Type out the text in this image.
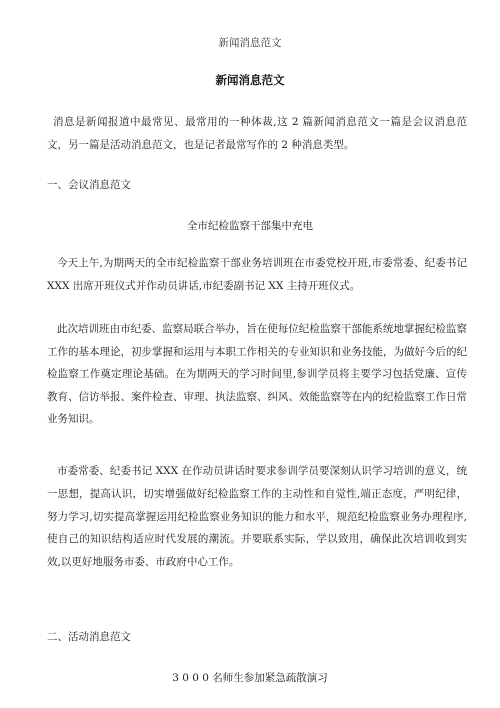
新闻消息范文
新闻消息范文
消息是新闻报道中最常见、最常用的一种体裁,这 2 篇新闻消息范文一篇是会议消息范文，另一篇是活动消息范文，也是记者最常写作的 2 种消息类型。
一、会议消息范文
全市纪检监察干部集中充电
今天上午,为期两天的全市纪检监察干部业务培训班在市委党校开班,市委常委、纪委书记 XXX 出席开班仪式并作动员讲话,市纪委副书记 XX 主持开班仪式。
此次培训班由市纪委、监察局联合举办，旨在使每位纪检监察干部能系统地掌握纪检监察工作的基本理论，初步掌握和运用与本职工作相关的专业知识和业务技能，为做好今后的纪检监察工作奠定理论基础。在为期两天的学习时间里,参训学员将主要学习包括党廉、宣传教育、信访举报、案件检查、审理、执法监察、纠风、效能监察等在内的纪检监察工作日常业务知识。
市委常委、纪委书记 XXX 在作动员讲话时要求参训学员要深刻认识学习培训的意义，统一思想，提高认识，切实增强做好纪检监察工作的主动性和自觉性,端正态度，严明纪律，努力学习,切实提高掌握运用纪检监察业务知识的能力和水平，规范纪检监察业务办理程序,使自己的知识结构适应时代发展的潮流。并要联系实际，学以致用，确保此次培训收到实效,以更好地服务市委、市政府中心工作。
二、活动消息范文
3 0 0 0 名师生参加紧急疏散演习
